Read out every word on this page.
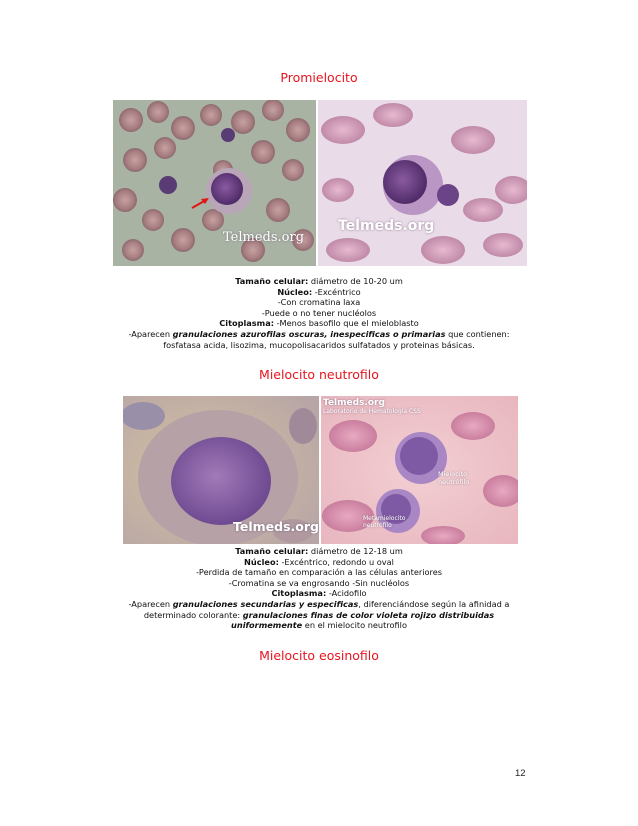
Promielocito
Telmeds.org
Telmeds.org
Tamaño celular: diámetro de 10-20 um
Núcleo: -Excéntrico
-Con cromatina laxa
-Puede o no tener nucléolos
Citoplasma: -Menos basofilo que el mieloblasto
-Aparecen granulaciones azurofilas oscuras, inespecificas o primarias que contienen: fosfatasa acida, lisozima, mucopolisacaridos sulfatados y proteinas básicas.
Mielocito neutrofilo
Telmeds.org
Telmeds.org
Laboratorio de Hematología CSS
Mielocito neutrófilo
Metamielocito neutrófilo
Tamaño celular: diámetro de 12-18 um
Núcleo: -Excéntrico, redondo u oval
-Perdida de tamaño en comparación a las células anteriores
-Cromatina se va engrosando -Sin nucléolos
Citoplasma: -Acidofilo
-Aparecen granulaciones secundarias y especificas, diferenciándose según la afinidad a determinado colorante: granulaciones finas de color violeta rojizo distribuidas uniformemente en el mielocito neutrofilo
Mielocito eosinofilo
12
